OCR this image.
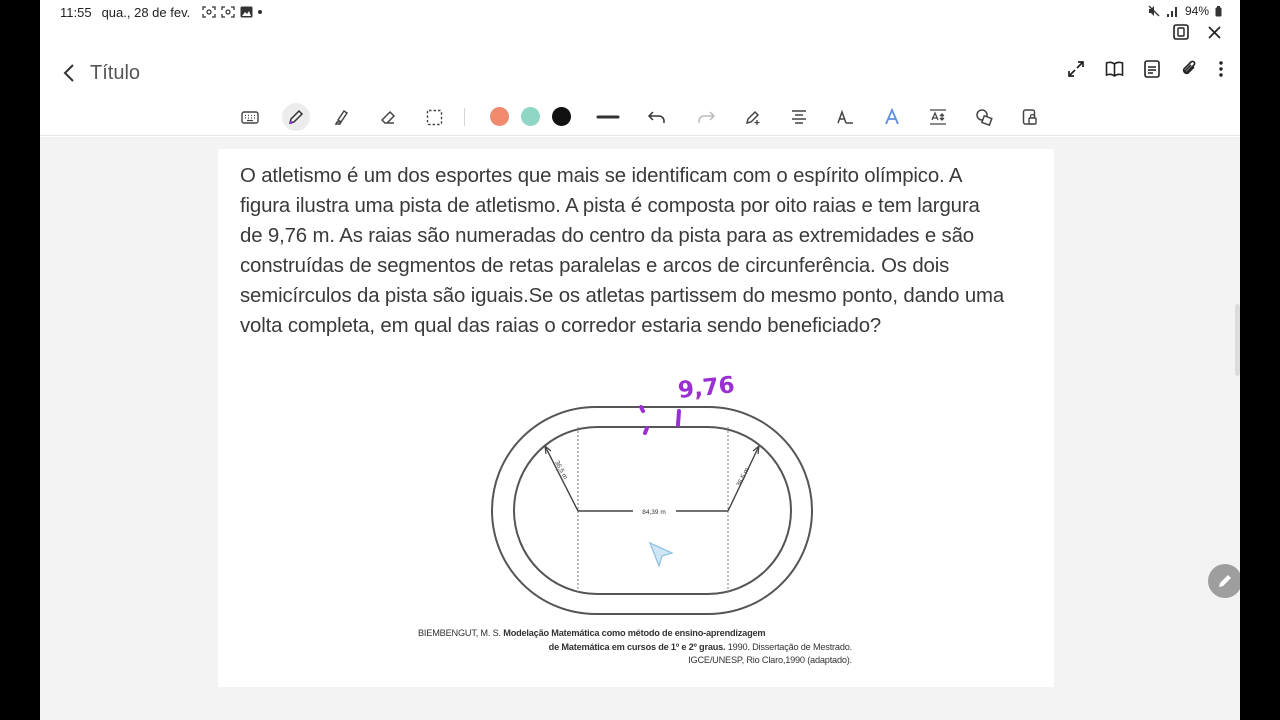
11:55 qua., 28 de fev.	94%
Título
O atletismo é um dos esportes que mais se identificam com o espírito olímpico. A
figura ilustra uma pista de atletismo. A pista é composta por oito raias e tem largura
de 9,76 m. As raias são numeradas do centro da pista para as extremidades e são
construídas de segmentos de retas paralelas e arcos de circunferência. Os dois
semicírculos da pista são iguais.Se os atletas partissem do mesmo ponto, dando uma
volta completa, em qual das raias o corredor estaria sendo beneficiado?
84,39 m
36,5 m	36,5 m
9,76
BIEMBENGUT, M. S. Modelação Matemática como método de ensino-aprendizagem
de Matemática em cursos de 1º e 2º graus. 1990. Dissertação de Mestrado.
IGCE/UNESP, Rio Claro,1990 (adaptado).
